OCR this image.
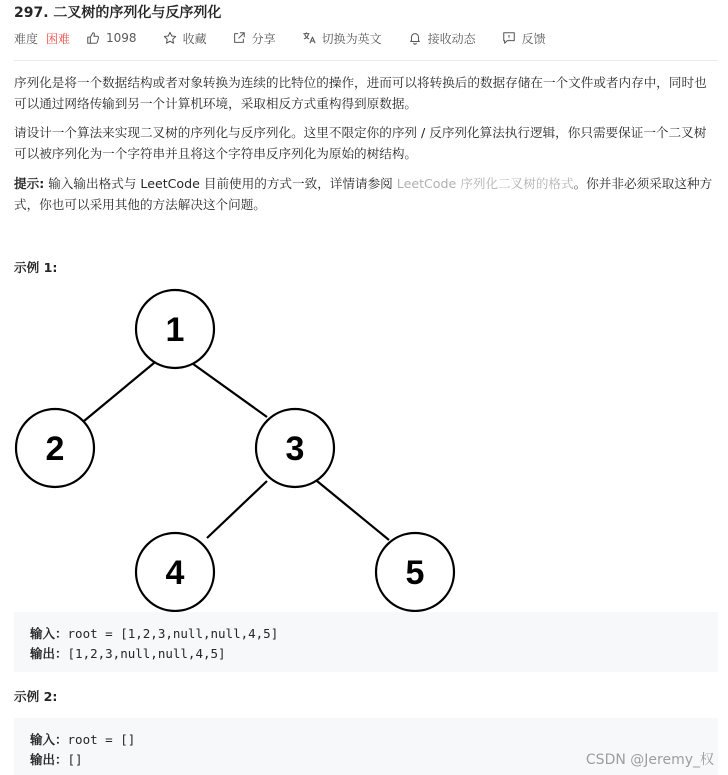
297. 二叉树的序列化与反序列化
难度 困难	1098	收藏	分享	切换为英文	接收动态	反馈
序列化是将一个数据结构或者对象转换为连续的比特位的操作，进而可以将转换后的数据存储在一个文件或者内存中，同时也可以通过网络传输到另一个计算机环境，采取相反方式重构得到原数据。
请设计一个算法来实现二叉树的序列化与反序列化。这里不限定你的序列 / 反序列化算法执行逻辑，你只需要保证一个二叉树可以被序列化为一个字符串并且将这个字符串反序列化为原始的树结构。
提示: 输入输出格式与 LeetCode 目前使用的方式一致，详情请参阅 LeetCode 序列化二叉树的格式。你并非必须采取这种方式，你也可以采用其他的方法解决这个问题。
示例 1:
1
2	3
4	5
输入：root = [1,2,3,null,null,4,5]
输出：[1,2,3,null,null,4,5]
示例 2:
输入：root = []
输出：[]	CSDN @Jeremy_权
